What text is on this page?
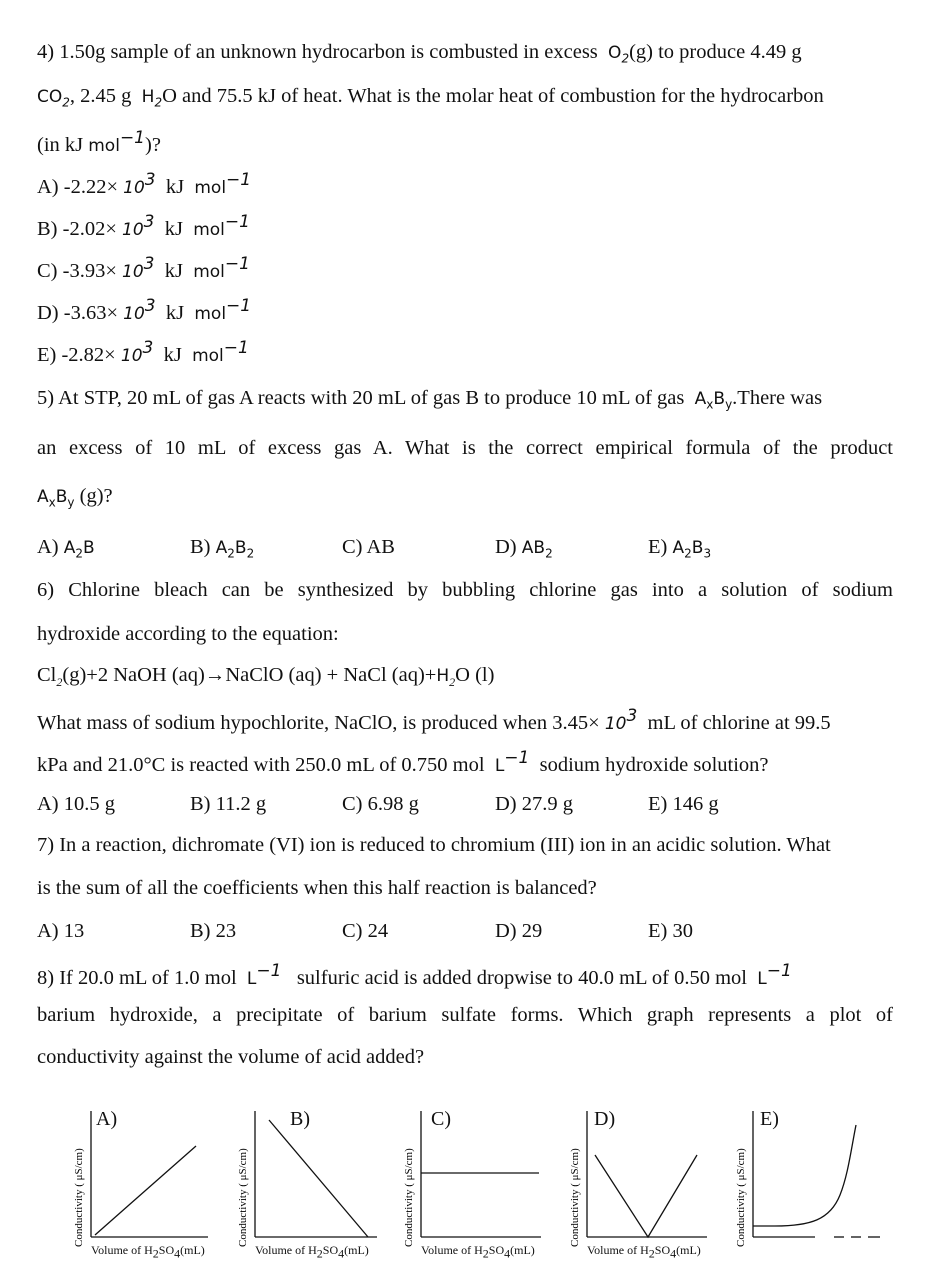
4) 1.50g sample of an unknown hydrocarbon is combusted in excess $O_2(g)$ to produce 4.49 g
$CO_2$, 2.45 g $H_2O$ and 75.5 kJ of heat. What is the molar heat of combustion for the hydrocarbon
(in kJ mol$^{-1}$)?
A) $-2.22\times 10^3$ kJ mol$^{-1}$
B) $-2.02\times 10^3$ kJ mol$^{-1}$
C) $-3.93\times 10^3$ kJ mol$^{-1}$
D) $-3.63\times 10^3$ kJ mol$^{-1}$
E) $-2.82\times 10^3$ kJ mol$^{-1}$
5) At STP, 20 mL of gas A reacts with 20 mL of gas B to produce 10 mL of gas $A_xB_y.There$ was
an excess of 10 mL of excess gas A. What is the correct empirical formula of the product
$A_xB_y$ (g)?
A) $A_2B$	B) $A_2B_2$	C) AB	D) $AB_2$	E) $A_2B_3$
6) Chlorine bleach can be synthesized by bubbling chlorine gas into a solution of sodium
hydroxide according to the equation:
$Cl_2(g)+2$ NaOH (aq)→NaClO (aq) + NaCl $(aq)+H_2O$ (l)
What mass of sodium hypochlorite, NaClO, is produced when $3.45\times 10^3$ mL of chlorine at 99.5
kPa and 21.0°C is reacted with 250.0 mL of 0.750 mol $L^{-1}$ sodium hydroxide solution?
A) 10.5 g	B) 11.2 g	C) 6.98 g	D) 27.9 g	E) 146 g
7) In a reaction, dichromate (VI) ion is reduced to chromium (III) ion in an acidic solution. What
is the sum of all the coefficients when this half reaction is balanced?
A) 13	B) 23	C) 24	D) 29	E) 30
8) If 20.0 mL of 1.0 mol $L^{-1}$ sulfuric acid is added dropwise to 40.0 mL of 0.50 mol $L^{-1}$
barium hydroxide, a precipitate of barium sulfate forms. Which graph represents a plot of
conductivity against the volume of acid added?
Conductivity ( μS/cm)
A)
Volume of $H_2SO_4(mL)$
Conductivity ( μS/cm)
B)
Volume of $H_2SO_4(mL)$
Conductivity ( μS/cm)
C)
Volume of $H_2SO_4(mL)$
Conductivity ( μS/cm)
D)
Volume of $H_2SO_4(mL)$
Conductivity ( μS/cm)
E)
